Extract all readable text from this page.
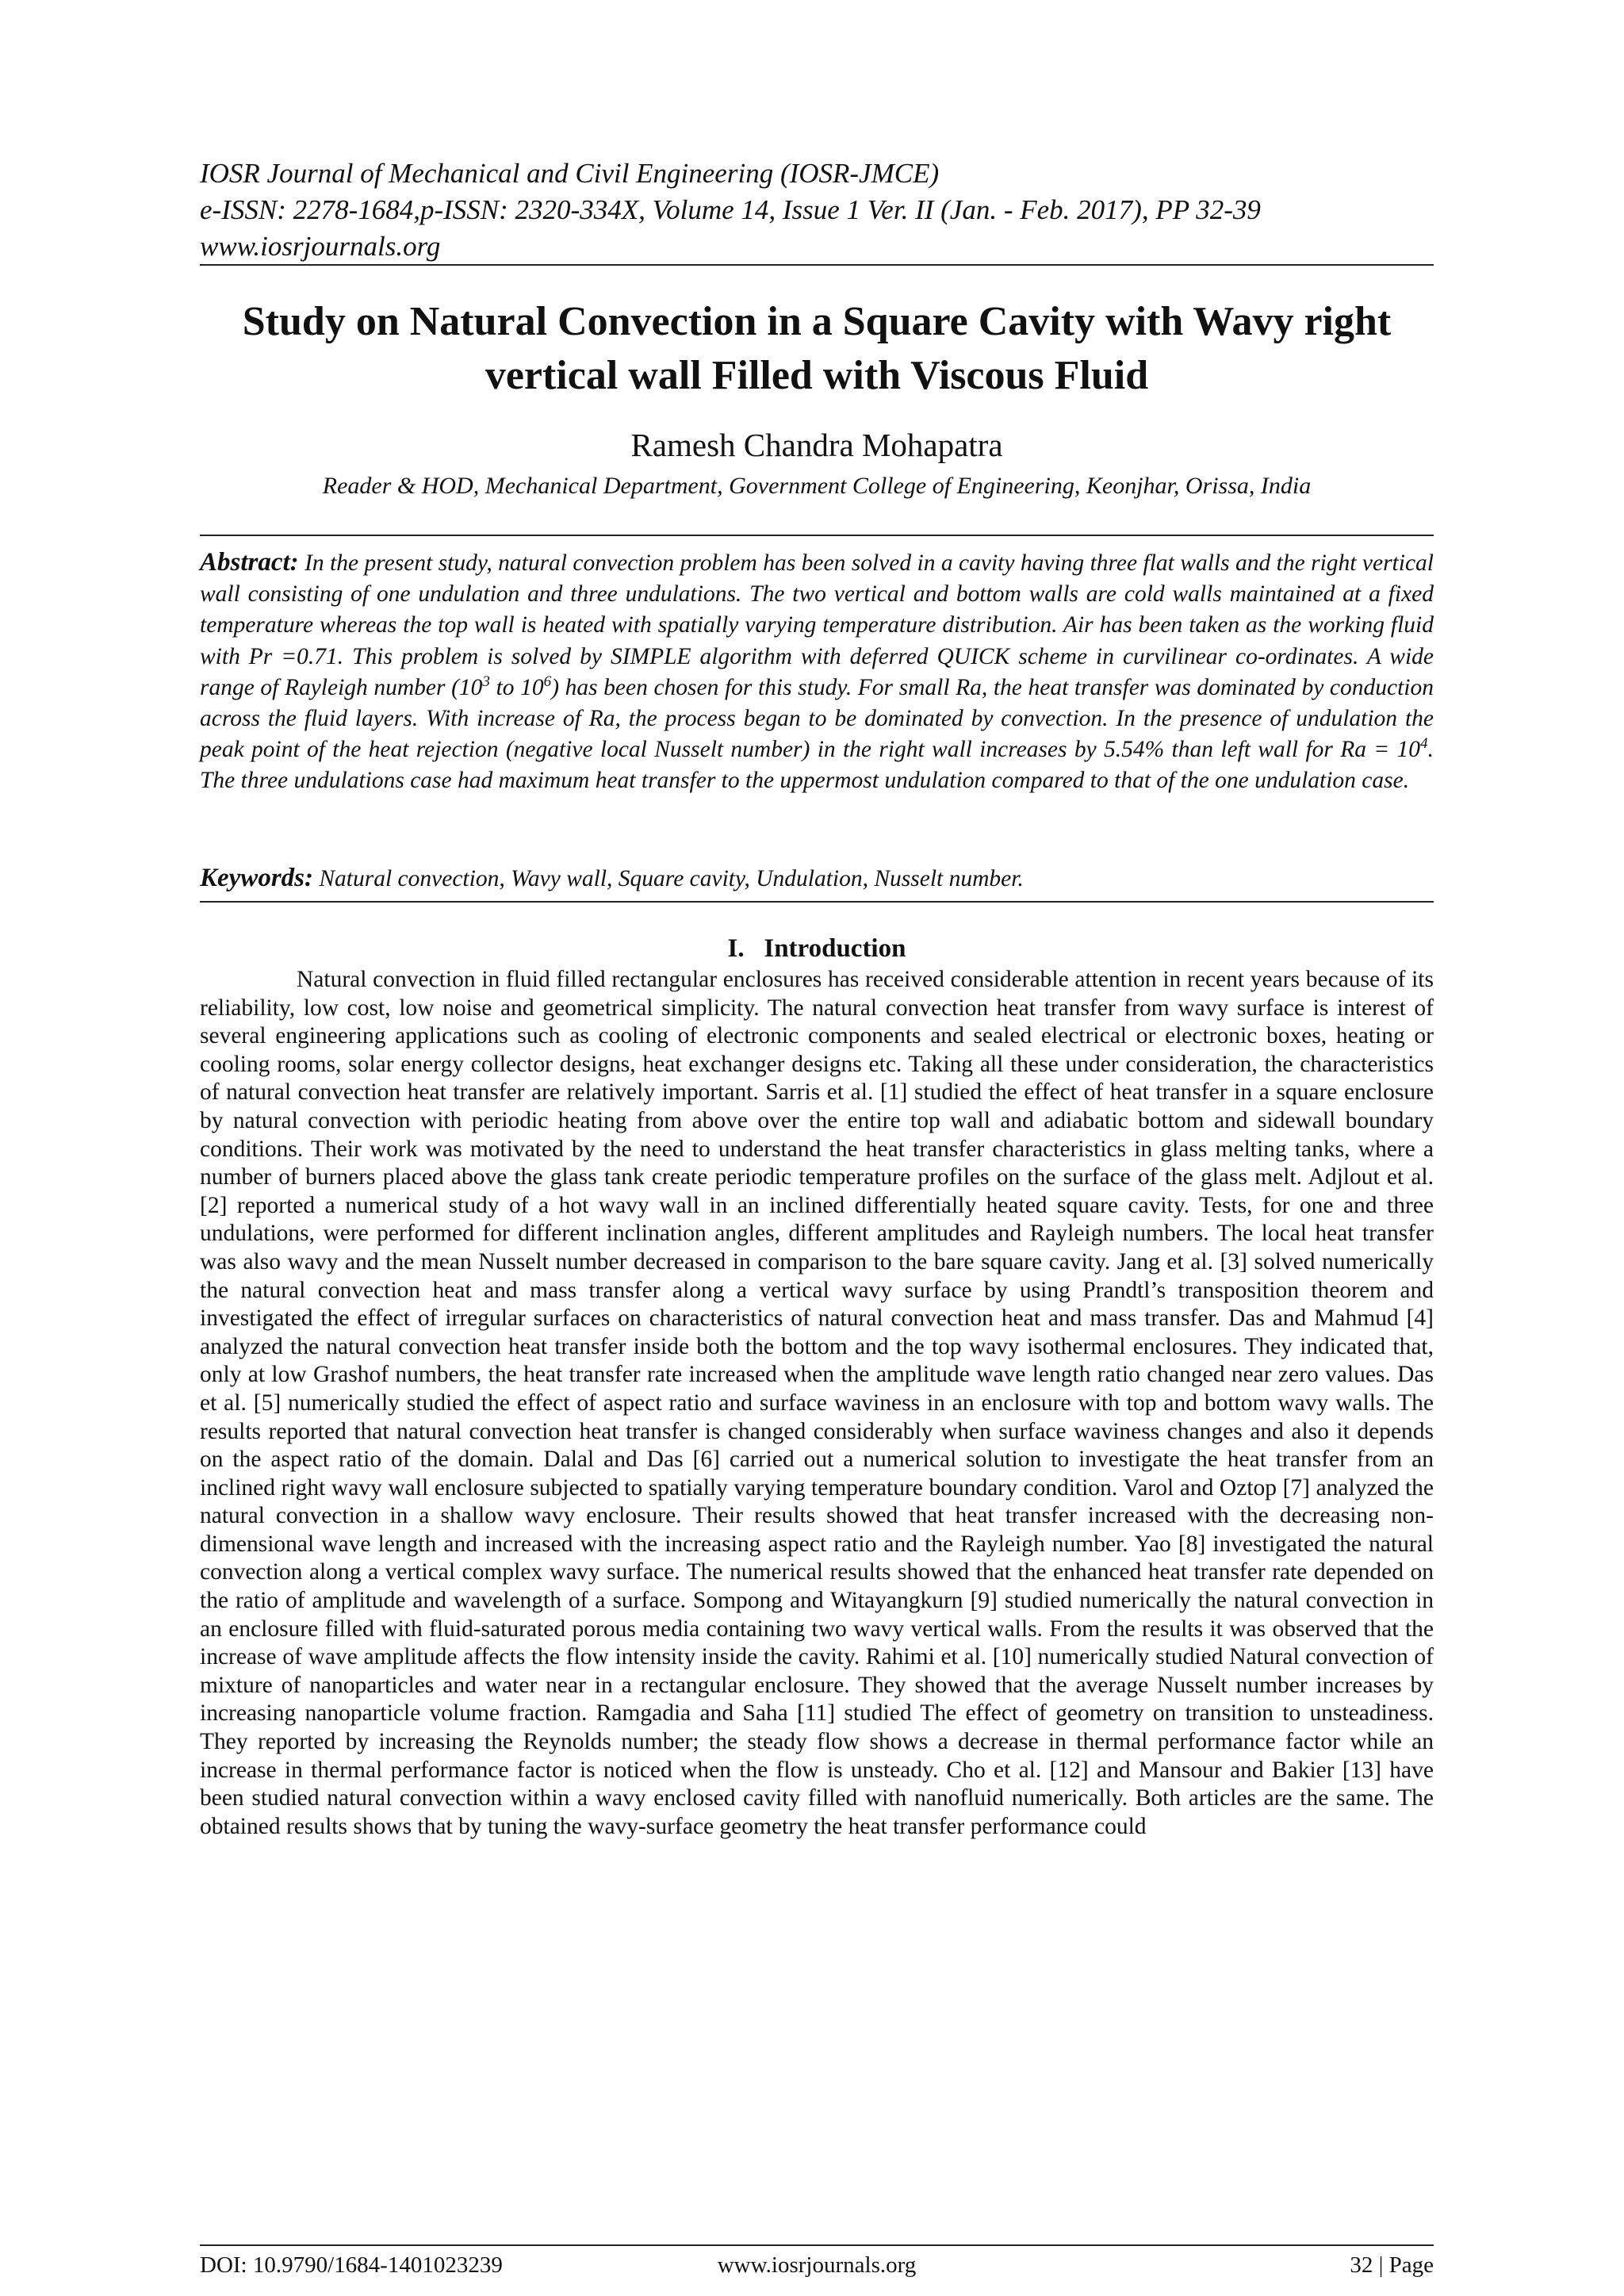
IOSR Journal of Mechanical and Civil Engineering (IOSR-JMCE)
e-ISSN: 2278-1684,p-ISSN: 2320-334X, Volume 14, Issue 1 Ver. II (Jan. - Feb. 2017), PP 32-39
www.iosrjournals.org
Study on Natural Convection in a Square Cavity with Wavy right
vertical wall Filled with Viscous Fluid
Ramesh Chandra Mohapatra
Reader & HOD, Mechanical Department, Government College of Engineering, Keonjhar, Orissa, India
Abstract: In the present study, natural convection problem has been solved in a cavity having three flat walls and the right vertical wall consisting of one undulation and three undulations. The two vertical and bottom walls are cold walls maintained at a fixed temperature whereas the top wall is heated with spatially varying temperature distribution. Air has been taken as the working fluid with Pr =0.71. This problem is solved by SIMPLE algorithm with deferred QUICK scheme in curvilinear co-ordinates. A wide range of Rayleigh number ($10^3$ to $10^6$) has been chosen for this study. For small Ra, the heat transfer was dominated by conduction across the fluid layers. With increase of Ra, the process began to be dominated by convection. In the presence of undulation the peak point of the heat rejection (negative local Nusselt number) in the right wall increases by 5.54% than left wall for $Ra = 10^4$. The three undulations case had maximum heat transfer to the uppermost undulation compared to that of the one undulation case.
Keywords: Natural convection, Wavy wall, Square cavity, Undulation, Nusselt number.
I.   Introduction
Natural convection in fluid filled rectangular enclosures has received considerable attention in recent years because of its reliability, low cost, low noise and geometrical simplicity. The natural convection heat transfer from wavy surface is interest of several engineering applications such as cooling of electronic components and sealed electrical or electronic boxes, heating or cooling rooms, solar energy collector designs, heat exchanger designs etc. Taking all these under consideration, the characteristics of natural convection heat transfer are relatively important. Sarris et al. [1] studied the effect of heat transfer in a square enclosure by natural convection with periodic heating from above over the entire top wall and adiabatic bottom and sidewall boundary conditions. Their work was motivated by the need to understand the heat transfer characteristics in glass melting tanks, where a number of burners placed above the glass tank create periodic temperature profiles on the surface of the glass melt. Adjlout et al. [2] reported a numerical study of a hot wavy wall in an inclined differentially heated square cavity. Tests, for one and three undulations, were performed for different inclination angles, different amplitudes and Rayleigh numbers. The local heat transfer was also wavy and the mean Nusselt number decreased in comparison to the bare square cavity. Jang et al. [3] solved numerically the natural convection heat and mass transfer along a vertical wavy surface by using Prandtl’s transposition theorem and investigated the effect of irregular surfaces on characteristics of natural convection heat and mass transfer. Das and Mahmud [4] analyzed the natural convection heat transfer inside both the bottom and the top wavy isothermal enclosures. They indicated that, only at low Grashof numbers, the heat transfer rate increased when the amplitude wave length ratio changed near zero values. Das et al. [5] numerically studied the effect of aspect ratio and surface waviness in an enclosure with top and bottom wavy walls. The results reported that natural convection heat transfer is changed considerably when surface waviness changes and also it depends on the aspect ratio of the domain. Dalal and Das [6] carried out a numerical solution to investigate the heat transfer from an inclined right wavy wall enclosure subjected to spatially varying temperature boundary condition. Varol and Oztop [7] analyzed the natural convection in a shallow wavy enclosure. Their results showed that heat transfer increased with the decreasing non-dimensional wave length and increased with the increasing aspect ratio and the Rayleigh number. Yao [8] investigated the natural convection along a vertical complex wavy surface. The numerical results showed that the enhanced heat transfer rate depended on the ratio of amplitude and wavelength of a surface. Sompong and Witayangkurn [9] studied numerically the natural convection in an enclosure filled with fluid-saturated porous media containing two wavy vertical walls. From the results it was observed that the increase of wave amplitude affects the flow intensity inside the cavity. Rahimi et al. [10] numerically studied Natural convection of mixture of nanoparticles and water near in a rectangular enclosure. They showed that the average Nusselt number increases by increasing nanoparticle volume fraction. Ramgadia and Saha [11] studied The effect of geometry on transition to unsteadiness. They reported by increasing the Reynolds number; the steady flow shows a decrease in thermal performance factor while an increase in thermal performance factor is noticed when the flow is unsteady. Cho et al. [12] and Mansour and Bakier [13] have been studied natural convection within a wavy enclosed cavity filled with nanofluid numerically. Both articles are the same. The obtained results shows that by tuning the wavy-surface geometry the heat transfer performance could
DOI: 10.9790/1684-1401023239	www.iosrjournals.org	32 | Page
